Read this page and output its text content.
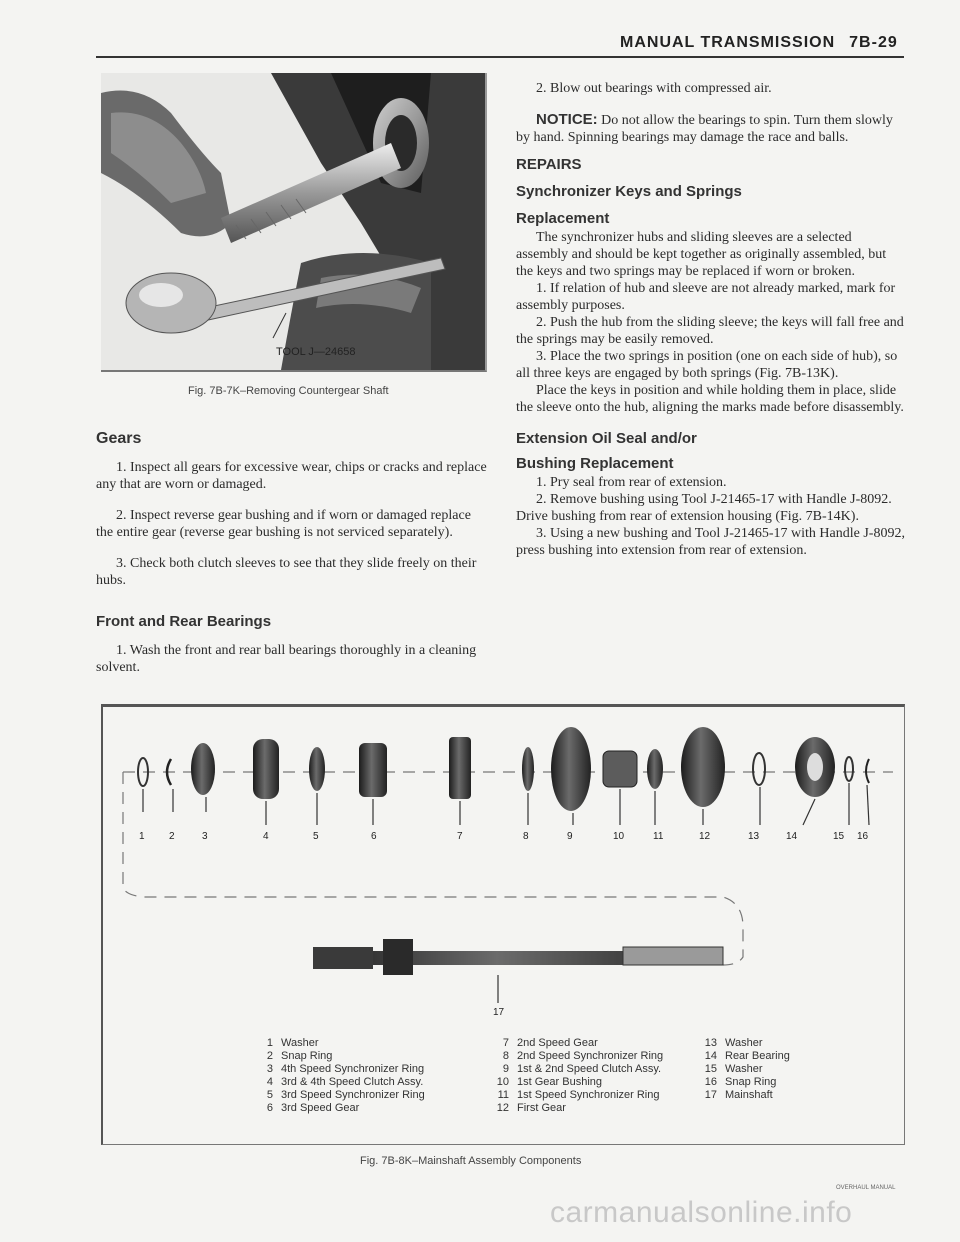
MANUAL TRANSMISSION 7B-29
TOOL J—24658
Fig. 7B-7K–Removing Countergear Shaft
Gears

1. Inspect all gears for excessive wear, chips or cracks and replace any that are worn or damaged.

2. Inspect reverse gear bushing and if worn or damaged replace the entire gear (reverse gear bushing is not serviced separately).

3. Check both clutch sleeves to see that they slide freely on their hubs.

Front and Rear Bearings

1. Wash the front and rear ball bearings thoroughly in a cleaning solvent.

2. Blow out bearings with compressed air.

NOTICE: Do not allow the bearings to spin. Turn them slowly by hand. Spinning bearings may damage the race and balls.

REPAIRS
Synchronizer Keys and Springs
Replacement

The synchronizer hubs and sliding sleeves are a selected assembly and should be kept together as originally assembled, but the keys and two springs may be replaced if worn or broken.

1. If relation of hub and sleeve are not already marked, mark for assembly purposes.

2. Push the hub from the sliding sleeve; the keys will fall free and the springs may be easily removed.

3. Place the two springs in position (one on each side of hub), so all three keys are engaged by both springs (Fig. 7B-13K).

Place the keys in position and while holding them in place, slide the sleeve onto the hub, aligning the marks made before disassembly.

Extension Oil Seal and/or
Bushing Replacement

1. Pry seal from rear of extension.

2. Remove bushing using Tool J-21465-17 with Handle J-8092. Drive bushing from rear of extension housing (Fig. 7B-14K).

3. Using a new bushing and Tool J-21465-17 with Handle J-8092, press bushing into extension from rear of extension.

1 2	3	4	5	6	7	8	9	10	11	12	13	14	15 16
17
1 Washer
2 Snap Ring
3 4th Speed Synchronizer Ring
4 3rd & 4th Speed Clutch Assy.
5 3rd Speed Synchronizer Ring
6 3rd Speed Gear
7 2nd Speed Gear
8 2nd Speed Synchronizer Ring
9 1st & 2nd Speed Clutch Assy.
10 1st Gear Bushing
11 1st Speed Synchronizer Ring
12 First Gear
13 Washer
14 Rear Bearing
15 Washer
16 Snap Ring
17 Mainshaft
Fig. 7B-8K–Mainshaft Assembly Components
OVERHAUL MANUAL
carmanualsonline.info
